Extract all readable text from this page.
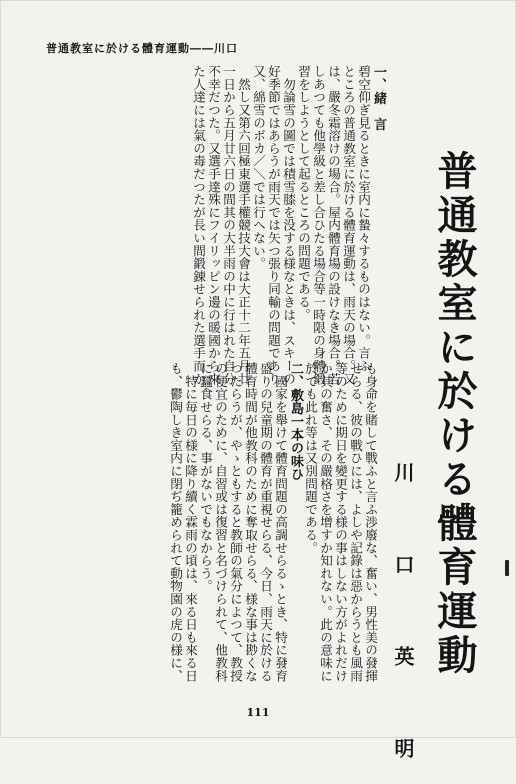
普通教室に於ける體育運動――川口
普通教室に於ける體育運動
一、緒　言
碧空仰ぎ見るときに室内に蟄々するものはない。言ふ
ところの普通教室に於ける體育運動は、雨天の場合。又
は、嚴冬霜溶けの場合。屋内體育場の設けなき場合。若
しあつても他學級と差し合ひたる場合等一時限の身體鍛
習をしようとして起るところの問題である。
　勿論雪の圖では積雪膝を没する様なときは、スキーの
好季節ではあらうが雨天では矢つ張り同輸の問題であり
又、綿雪のボカ／＼では行へない。
　然し又第六回極東選手權競技大會は大正十二年五月廿
一日から五月廿六日の間其の大半雨の中に行はれた自分
不幸だつた。又選手達殊にフイリッピン邊の暖國から來
た人達には氣の毒だつたが長い間鍛錬せられた選手而か
川　口　英　明
も身命を賭して戰ふと言ふ渉廢な、奮い、男性美の發揮
せらる、彼の戰ひには、よしや記錄は惡からうとも風雨
等のために期日を變更する様の事はしない方がよれだけ
か其の奮さ、その嚴格さを增すか知れない。此の意味に
於ても此れ等は又別問題である。
二、敷島一本の味ひ
　國家を舉けて體育問題の高調せらるゝとき、特に發育
盛りの兒童期の體育が重視せらる、今日、雨天に於ける
體育時間が他教科のために奪取せらる、様な事は尠くな
つたらうが、やゝともすると教師の氣分によつて、教授
の便宜のために、自習或は復習と名づけられて、他教科
に蠶食せらる、事がないでもなからう。
　特に毎日の様に降り續く霖雨の頃は、來る日も來る日
も、鬱陶しき室内に閉ぢ籠められて動物園の虎の様に、
111
